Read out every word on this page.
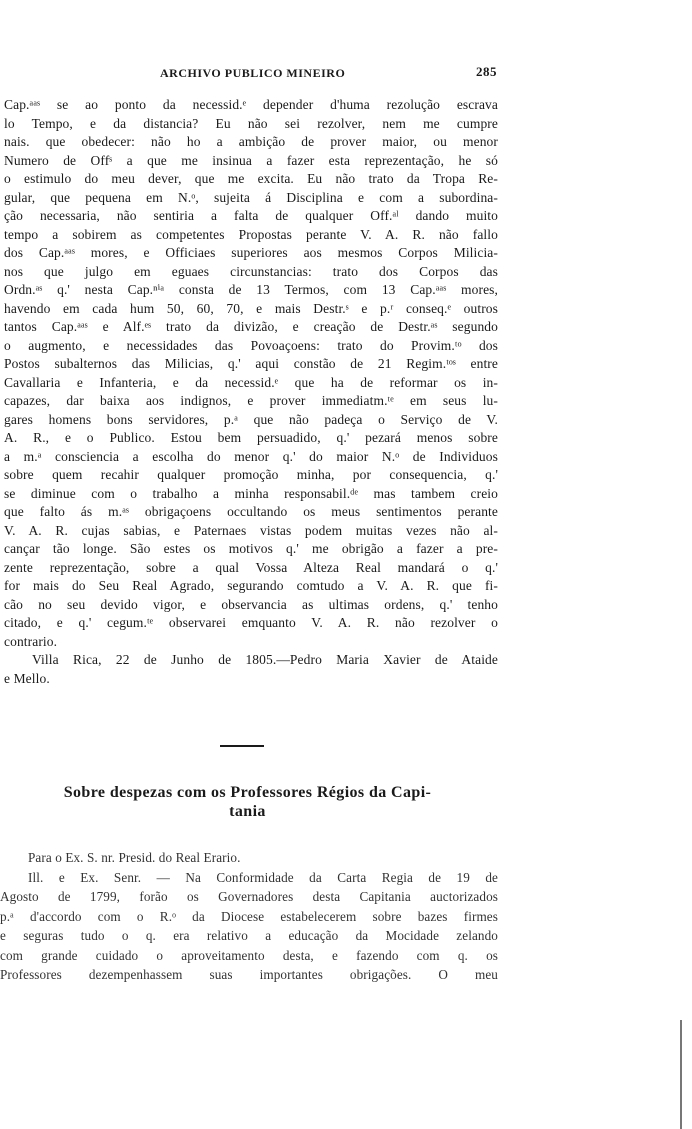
ARCHIVO PUBLICO MINEIRO	285
Cap.ᵃᵃˢ se ao ponto da necessid.ᵉ depender d'huma rezolução escrava
lo Tempo, e da distancia? Eu não sei rezolver, nem me cumpre
nais. que obedecer: não ho a ambição de prover maior, ou menor
Numero de Offˢ a que me insinua a fazer esta reprezentação, he só
o estimulo do meu dever, que me excita. Eu não trato da Tropa Re-
gular, que pequena em N.ᵒ, sujeita á Disciplina e com a subordina-
ção necessaria, não sentiria a falta de qualquer Off.ᵃˡ dando muito
tempo a sobirem as competentes Propostas perante V. A. R. não fallo
dos Cap.ᵃᵃˢ mores, e Officiaes superiores aos mesmos Corpos Milicia-
nos que julgo em eguaes circunstancias: trato dos Corpos das
Ordn.ᵃˢ q.' nesta Cap.ⁿⁱᵃ consta de 13 Termos, com 13 Cap.ᵃᵃˢ mores,
havendo em cada hum 50, 60, 70, e mais Destr.ˢ e p.ʳ conseq.ᵉ outros
tantos Cap.ᵃᵃˢ e Alf.ᵉˢ trato da divizão, e creação de Destr.ᵃˢ segundo
o augmento, e necessidades das Povoaçoens: trato do Provim.ᵗᵒ dos
Postos subalternos das Milicias, q.' aqui constão de 21 Regim.ᵗᵒˢ entre
Cavallaria e Infanteria, e da necessid.ᵉ que ha de reformar os in-
capazes, dar baixa aos indignos, e prover immediatm.ᵗᵉ em seus lu-
gares homens bons servidores, p.ᵃ que não padeça o Serviço de V.
A. R., e o Publico. Estou bem persuadido, q.' pezará menos sobre
a m.ᵃ consciencia a escolha do menor q.' do maior N.ᵒ de Individuos
sobre quem recahir qualquer promoção minha, por consequencia, q.'
se diminue com o trabalho a minha responsabil.ᵈᵉ mas tambem creio
que falto ás m.ᵃˢ obrigaçoens occultando os meus sentimentos perante
V. A. R. cujas sabias, e Paternaes vistas podem muitas vezes não al-
cançar tão longe. São estes os motivos q.' me obrigão a fazer a pre-
zente reprezentação, sobre a qual Vossa Alteza Real mandará o q.'
for mais do Seu Real Agrado, segurando comtudo a V. A. R. que fi-
cão no seu devido vigor, e observancia as ultimas ordens, q.' tenho
citado, e q.' cegum.ᵗᵉ observarei emquanto V. A. R. não rezolver o
contrario.
Villa Rica, 22 de Junho de 1805.—Pedro Maria Xavier de Ataide
e Mello.
Sobre despezas com os Professores Régios da Capi-
tania
Para o Ex. S. nr. Presid. do Real Erario.
Ill. e Ex. Senr. — Na Conformidade da Carta Regia de 19 de
Agosto de 1799, forão os Governadores desta Capitania auctorizados
p.ᵃ d'accordo com o R.ᵒ da Diocese estabelecerem sobre bazes firmes
e seguras tudo o q. era relativo a educação da Mocidade zelando
com grande cuidado o aproveitamento desta, e fazendo com q. os
Professores dezempenhassem suas importantes obrigações. O meu
